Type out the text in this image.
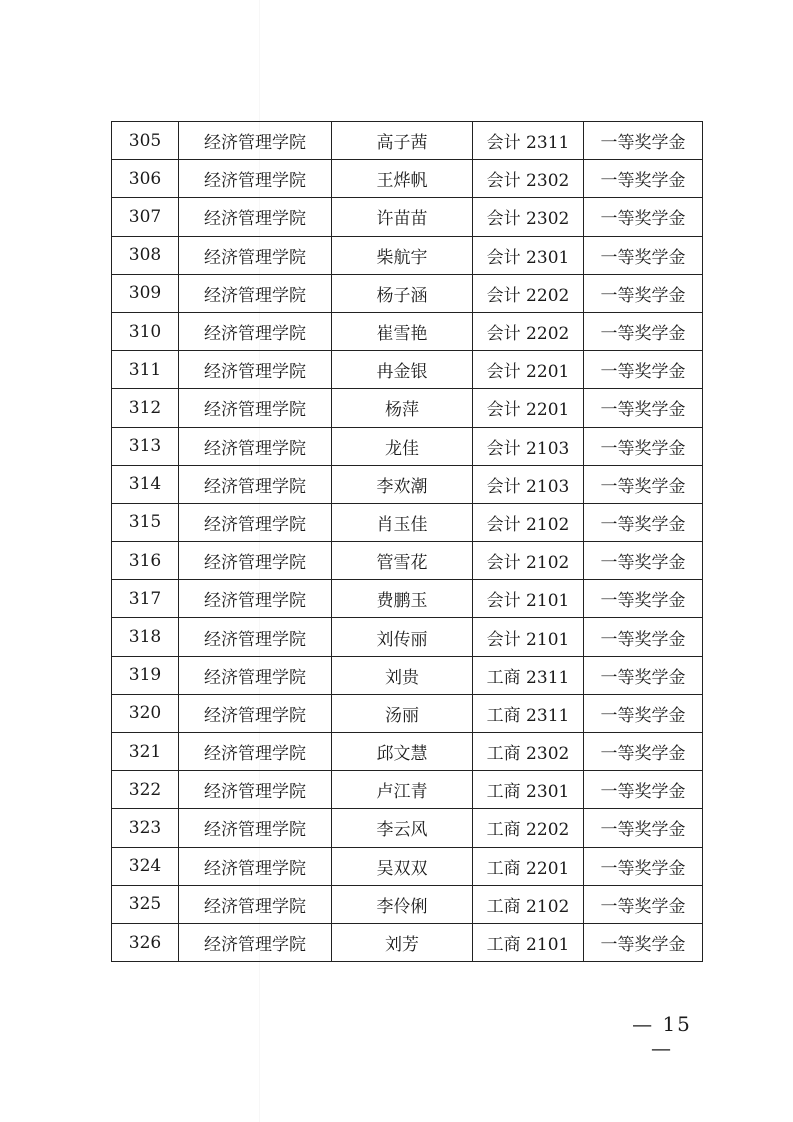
305	经济管理学院	高子茜	会计 2311	一等奖学金
306	经济管理学院	王烨帆	会计 2302	一等奖学金
307	经济管理学院	许苗苗	会计 2302	一等奖学金
308	经济管理学院	柴航宇	会计 2301	一等奖学金
309	经济管理学院	杨子涵	会计 2202	一等奖学金
310	经济管理学院	崔雪艳	会计 2202	一等奖学金
311	经济管理学院	冉金银	会计 2201	一等奖学金
312	经济管理学院	杨萍	会计 2201	一等奖学金
313	经济管理学院	龙佳	会计 2103	一等奖学金
314	经济管理学院	李欢潮	会计 2103	一等奖学金
315	经济管理学院	肖玉佳	会计 2102	一等奖学金
316	经济管理学院	管雪花	会计 2102	一等奖学金
317	经济管理学院	费鹏玉	会计 2101	一等奖学金
318	经济管理学院	刘传丽	会计 2101	一等奖学金
319	经济管理学院	刘贵	工商 2311	一等奖学金
320	经济管理学院	汤丽	工商 2311	一等奖学金
321	经济管理学院	邱文慧	工商 2302	一等奖学金
322	经济管理学院	卢江青	工商 2301	一等奖学金
323	经济管理学院	李云风	工商 2202	一等奖学金
324	经济管理学院	吴双双	工商 2201	一等奖学金
325	经济管理学院	李伶俐	工商 2102	一等奖学金
326	经济管理学院	刘芳	工商 2101	一等奖学金
— 15 —
